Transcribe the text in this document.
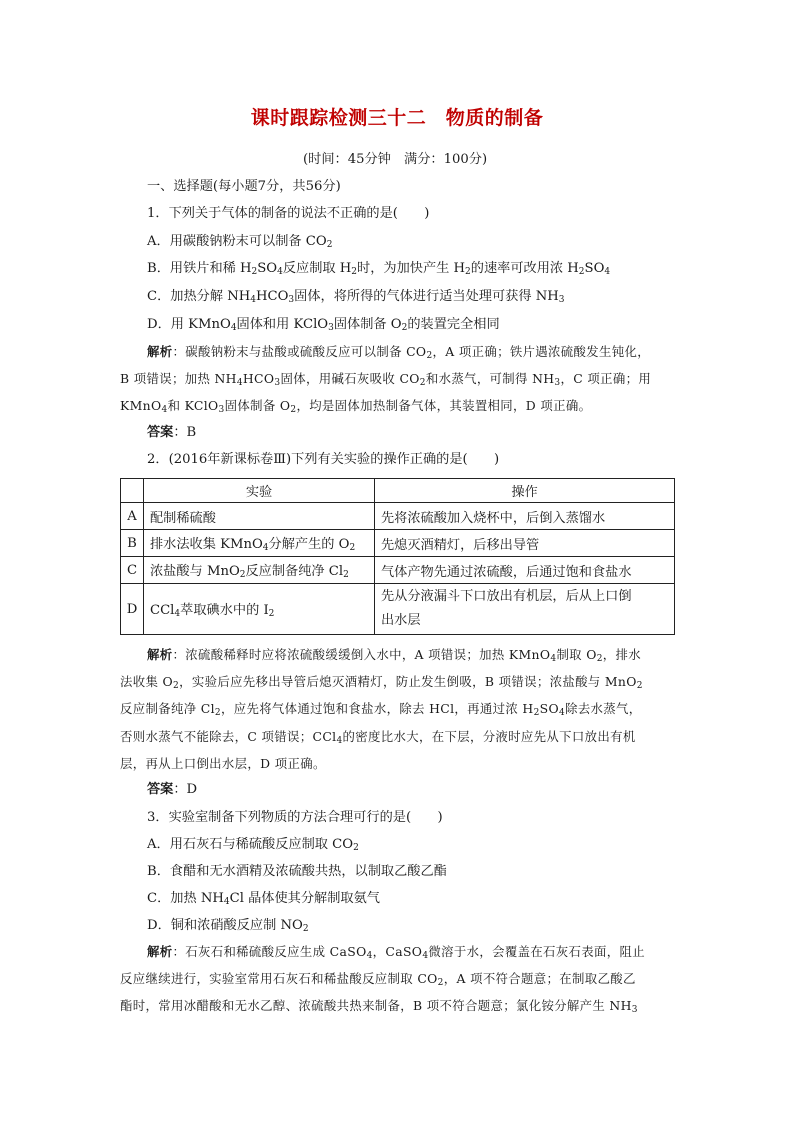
课时跟踪检测三十二　物质的制备
(时间：45分钟　满分：100分)
一、选择题(每小题7分，共56分)
1．下列关于气体的制备的说法不正确的是(　　)
A．用碳酸钠粉末可以制备 $CO_2$
B．用铁片和稀 $H_2SO_4$反应制取 $H_2$时，为加快产生 $H_2$的速率可改用浓 $H_2SO_4$
C．加热分解 $NH_4HCO_3$固体，将所得的气体进行适当处理可获得 $NH_3$
D．用 KMnO$_4$固体和用 KClO$_3$固体制备 $O_2$的装置完全相同
解析：碳酸钠粉末与盐酸或硫酸反应可以制备 $CO_2$，A 项正确；铁片遇浓硫酸发生钝化，
B 项错误；加热 $NH_4HCO_3$固体，用碱石灰吸收 $CO_2$和水蒸气，可制得 $NH_3$，C 项正确；用
KMnO$_4$和 KClO$_3$固体制备 $O_2$，均是固体加热制备气体，其装置相同，D 项正确。
答案：B
2．(2016年新课标卷Ⅲ)下列有关实验的操作正确的是(　　)
	实验	操作
A	配制稀硫酸	先将浓硫酸加入烧杯中，后倒入蒸馏水
B	排水法收集 KMnO$_4$分解产生的 $O_2$	先熄灭酒精灯，后移出导管
C	浓盐酸与 MnO$_2$反应制备纯净 $Cl_2$	气体产物先通过浓硫酸，后通过饱和食盐水
D	CCl$_4$萃取碘水中的 $I_2$	先从分液漏斗下口放出有机层，后从上口倒
出水层
解析：浓硫酸稀释时应将浓硫酸缓缓倒入水中，A 项错误；加热 KMnO$_4$制取 $O_2$，排水
法收集 $O_2$，实验后应先移出导管后熄灭酒精灯，防止发生倒吸，B 项错误；浓盐酸与 MnO$_2$
反应制备纯净 $Cl_2$，应先将气体通过饱和食盐水，除去 HCl，再通过浓 $H_2SO_4$除去水蒸气，
否则水蒸气不能除去，C 项错误；CCl$_4$的密度比水大，在下层，分液时应先从下口放出有机
层，再从上口倒出水层，D 项正确。
答案：D
3．实验室制备下列物质的方法合理可行的是(　　)
A．用石灰石与稀硫酸反应制取 $CO_2$
B．食醋和无水酒精及浓硫酸共热，以制取乙酸乙酯
C．加热 $NH_4Cl$ 晶体使其分解制取氨气
D．铜和浓硝酸反应制 $NO_2$
解析：石灰石和稀硫酸反应生成 CaSO$_4$，CaSO$_4$微溶于水，会覆盖在石灰石表面，阻止
反应继续进行，实验室常用石灰石和稀盐酸反应制取 $CO_2$，A 项不符合题意；在制取乙酸乙
酯时，常用冰醋酸和无水乙醇、浓硫酸共热来制备，B 项不符合题意；氯化铵分解产生 $NH_3$
